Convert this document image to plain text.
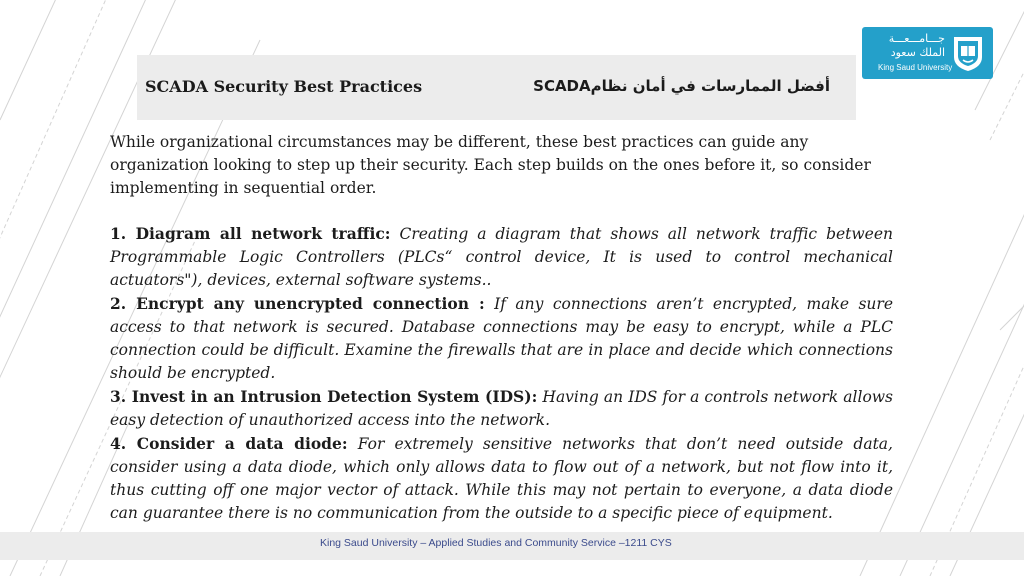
SCADA Security Best Practices	أفضل الممارسات في أمان نظامSCADA
جـــامـــعـــة
الملك سعود
King Saud University

While organizational circumstances may be different, these best practices can guide any organization looking to step up their security. Each step builds on the ones before it, so consider implementing in sequential order.

1. Diagram all network traffic: Creating a diagram that shows all network traffic between Programmable Logic Controllers (PLCs“ control device, It is used to control mechanical actuators"), devices, external software systems..

2. Encrypt any unencrypted connection : If any connections aren’t encrypted, make sure access to that network is secured. Database connections may be easy to encrypt, while a PLC connection could be difficult. Examine the firewalls that are in place and decide which connections should be encrypted.

3. Invest in an Intrusion Detection System (IDS): Having an IDS for a controls network allows easy detection of unauthorized access into the network.

4. Consider a data diode: For extremely sensitive networks that don’t need outside data, consider using a data diode, which only allows data to flow out of a network, but not flow into it, thus cutting off one major vector of attack. While this may not pertain to everyone, a data diode can guarantee there is no communication from the outside to a specific piece of equipment.

King Saud University – Applied Studies and Community Service –1211 CYS
